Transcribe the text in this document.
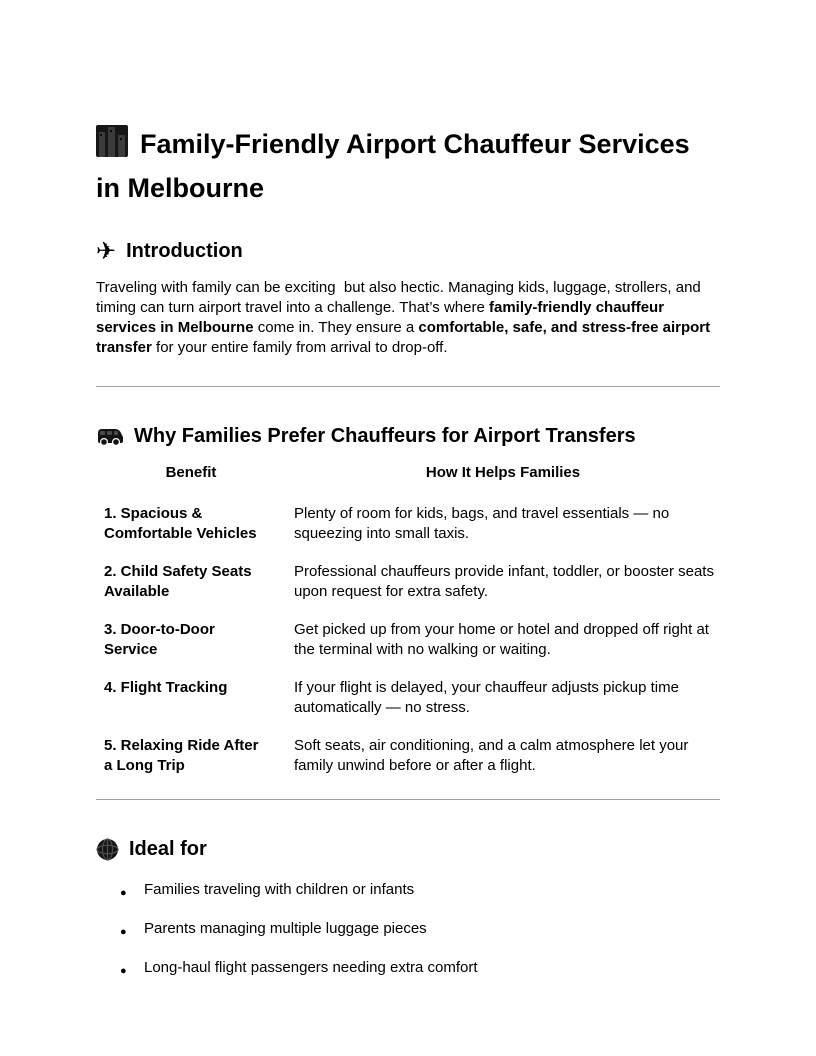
Family-Friendly Airport Chauffeur Services in Melbourne
✈ Introduction

Traveling with family can be exciting  but also hectic. Managing kids, luggage, strollers, and timing can turn airport travel into a challenge. That’s where family-friendly chauffeur services in Melbourne come in. They ensure a comfortable, safe, and stress-free airport transfer for your entire family from arrival to drop-off.

Why Families Prefer Chauffeurs for Airport Transfers
Benefit	How It Helps Families
1. Spacious & Comfortable Vehicles	Plenty of room for kids, bags, and travel essentials — no squeezing into small taxis.
2. Child Safety Seats Available	Professional chauffeurs provide infant, toddler, or booster seats upon request for extra safety.
3. Door-to-Door Service	Get picked up from your home or hotel and dropped off right at the terminal with no walking or waiting.
4. Flight Tracking	If your flight is delayed, your chauffeur adjusts pickup time automatically — no stress.
5. Relaxing Ride After a Long Trip	Soft seats, air conditioning, and a calm atmosphere let your family unwind before or after a flight.
Ideal for
● Families traveling with children or infants
● Parents managing multiple luggage pieces
● Long-haul flight passengers needing extra comfort
